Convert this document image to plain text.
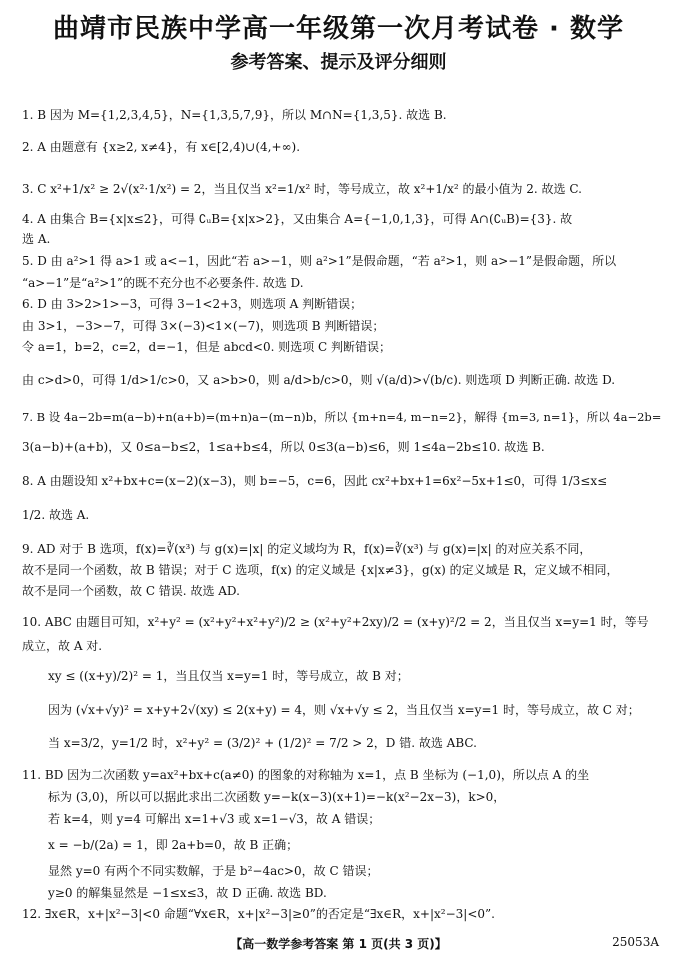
曲靖市民族中学高一年级第一次月考试卷 · 数学
参考答案、提示及评分细则
1. B 因为 M={1,2,3,4,5}，N={1,3,5,7,9}，所以 M∩N={1,3,5}. 故选 B.
2. A 由题意有 {x≥2, x≠4}，有 x∈[2,4)∪(4,+∞).
3. C x²+1/x² ≥ 2√(x²·1/x²) = 2，当且仅当 x²=1/x² 时，等号成立，故 x²+1/x² 的最小值为 2. 故选 C.
4. A 由集合 B={x|x≤2}，可得 ∁ᵤB={x|x>2}，又由集合 A={−1,0,1,3}，可得 A∩(∁ᵤB)={3}. 故
选 A.
5. D 由 a²>1 得 a>1 或 a<−1，因此“若 a>−1，则 a²>1”是假命题，“若 a²>1，则 a>−1”是假命题，所以
“a>−1”是“a²>1”的既不充分也不必要条件. 故选 D.
6. D 由 3>2>1>−3，可得 3−1<2+3，则选项 A 判断错误；
由 3>1，−3>−7，可得 3×(−3)<1×(−7)，则选项 B 判断错误；
令 a=1，b=2，c=2，d=−1，但是 abcd<0. 则选项 C 判断错误；
由 c>d>0，可得 1/d>1/c>0，又 a>b>0，则 a/d>b/c>0，则 √(a/d)>√(b/c). 则选项 D 判断正确. 故选 D.
7. B 设 4a−2b=m(a−b)+n(a+b)=(m+n)a−(m−n)b，所以 {m+n=4, m−n=2}，解得 {m=3, n=1}，所以 4a−2b=
3(a−b)+(a+b)，又 0≤a−b≤2，1≤a+b≤4，所以 0≤3(a−b)≤6，则 1≤4a−2b≤10. 故选 B.
8. A 由题设知 x²+bx+c=(x−2)(x−3)，则 b=−5，c=6，因此 cx²+bx+1=6x²−5x+1≤0，可得 1/3≤x≤
1/2. 故选 A.
9. AD 对于 B 选项，f(x)=∛(x³) 与 g(x)=|x| 的定义域均为 R，f(x)=∛(x³) 与 g(x)=|x| 的对应关系不同，
故不是同一个函数，故 B 错误；对于 C 选项，f(x) 的定义域是 {x|x≠3}，g(x) 的定义域是 R，定义域不相同，
故不是同一个函数，故 C 错误. 故选 AD.
10. ABC 由题目可知，x²+y² = (x²+y²+x²+y²)/2 ≥ (x²+y²+2xy)/2 = (x+y)²/2 = 2，当且仅当 x=y=1 时，等号
成立，故 A 对.
xy ≤ ((x+y)/2)² = 1，当且仅当 x=y=1 时，等号成立，故 B 对；
因为 (√x+√y)² = x+y+2√(xy) ≤ 2(x+y) = 4，则 √x+√y ≤ 2，当且仅当 x=y=1 时，等号成立，故 C 对；
当 x=3/2，y=1/2 时，x²+y² = (3/2)² + (1/2)² = 7/2 > 2，D 错. 故选 ABC.
11. BD 因为二次函数 y=ax²+bx+c(a≠0) 的图象的对称轴为 x=1，点 B 坐标为 (−1,0)，所以点 A 的坐
标为 (3,0)，所以可以据此求出二次函数 y=−k(x−3)(x+1)=−k(x²−2x−3)，k>0，
若 k=4，则 y=4 可解出 x=1+√3 或 x=1−√3，故 A 错误；
x = −b/(2a) = 1，即 2a+b=0，故 B 正确；
显然 y=0 有两个不同实数解，于是 b²−4ac>0，故 C 错误；
y≥0 的解集显然是 −1≤x≤3，故 D 正确. 故选 BD.
12. ∃x∈R，x+|x²−3|<0 命题“∀x∈R，x+|x²−3|≥0”的否定是“∃x∈R，x+|x²−3|<0”.
【高一数学参考答案 第 1 页(共 3 页)】	25053A
